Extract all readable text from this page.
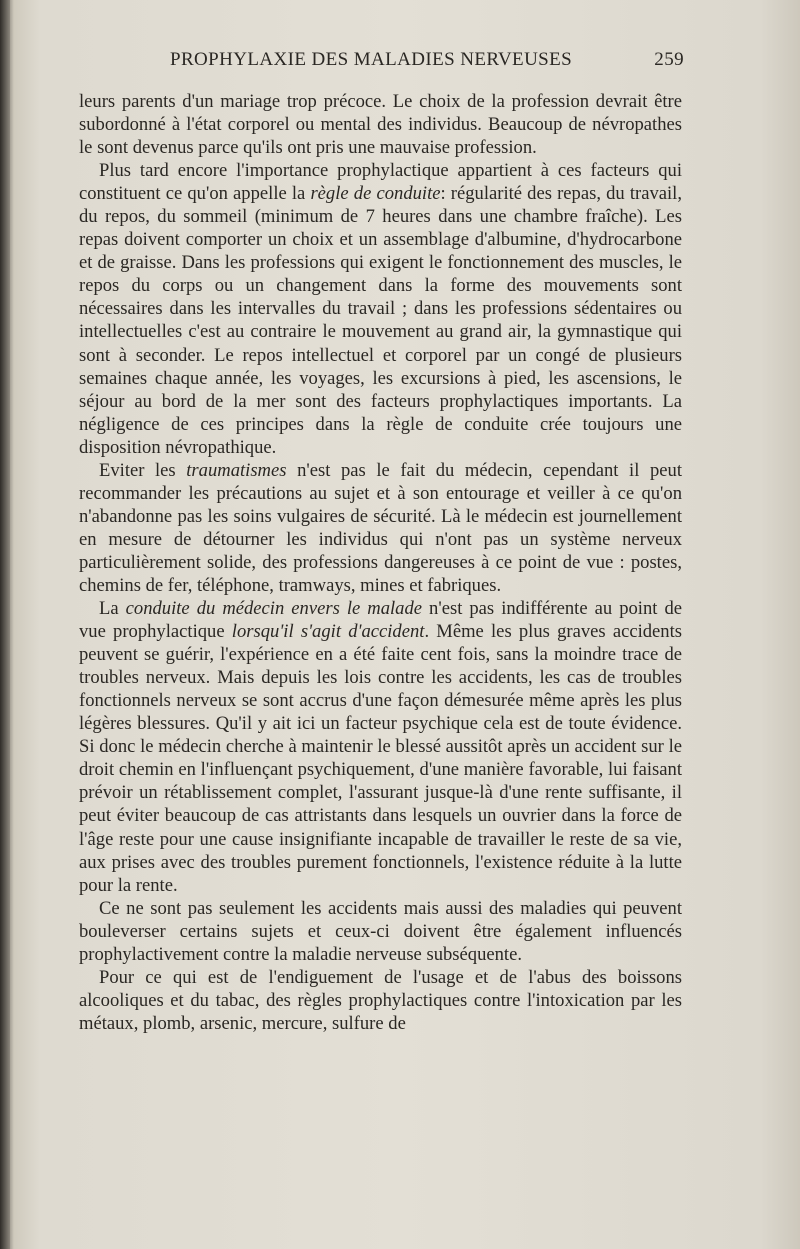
PROPHYLAXIE DES MALADIES NERVEUSES	259

leurs parents d'un mariage trop précoce. Le choix de la profession devrait être subordonné à l'état corporel ou mental des individus. Beaucoup de névropathes le sont devenus parce qu'ils ont pris une mauvaise profession.

Plus tard encore l'importance prophylactique appartient à ces facteurs qui constituent ce qu'on appelle la règle de conduite: régularité des repas, du travail, du repos, du sommeil (minimum de 7 heures dans une chambre fraîche). Les repas doivent comporter un choix et un assemblage d'albumine, d'hydrocarbone et de graisse. Dans les professions qui exigent le fonctionnement des muscles, le repos du corps ou un changement dans la forme des mouvements sont nécessaires dans les intervalles du travail ; dans les professions sédentaires ou intellectuelles c'est au contraire le mouvement au grand air, la gymnastique qui sont à seconder. Le repos intellectuel et corporel par un congé de plusieurs semaines chaque année, les voyages, les excursions à pied, les ascensions, le séjour au bord de la mer sont des facteurs prophylactiques importants. La négligence de ces principes dans la règle de conduite crée toujours une disposition névropathique.

Eviter les traumatismes n'est pas le fait du médecin, cependant il peut recommander les précautions au sujet et à son entourage et veiller à ce qu'on n'abandonne pas les soins vulgaires de sécurité. Là le médecin est journellement en mesure de détourner les individus qui n'ont pas un système nerveux particulièrement solide, des professions dangereuses à ce point de vue : postes, chemins de fer, téléphone, tramways, mines et fabriques.

La conduite du médecin envers le malade n'est pas indifférente au point de vue prophylactique lorsqu'il s'agit d'accident. Même les plus graves accidents peuvent se guérir, l'expérience en a été faite cent fois, sans la moindre trace de troubles nerveux. Mais depuis les lois contre les accidents, les cas de troubles fonctionnels nerveux se sont accrus d'une façon démesurée même après les plus légères blessures. Qu'il y ait ici un facteur psychique cela est de toute évidence. Si donc le médecin cherche à maintenir le blessé aussitôt après un accident sur le droit chemin en l'influençant psychiquement, d'une manière favorable, lui faisant prévoir un rétablissement complet, l'assurant jusque-là d'une rente suffisante, il peut éviter beaucoup de cas attristants dans lesquels un ouvrier dans la force de l'âge reste pour une cause insignifiante incapable de travailler le reste de sa vie, aux prises avec des troubles purement fonctionnels, l'existence réduite à la lutte pour la rente.

Ce ne sont pas seulement les accidents mais aussi des maladies qui peuvent bouleverser certains sujets et ceux-ci doivent être également influencés prophylactivement contre la maladie nerveuse subséquente.

Pour ce qui est de l'endiguement de l'usage et de l'abus des boissons alcooliques et du tabac, des règles prophylactiques contre l'intoxication par les métaux, plomb, arsenic, mercure, sulfure de
